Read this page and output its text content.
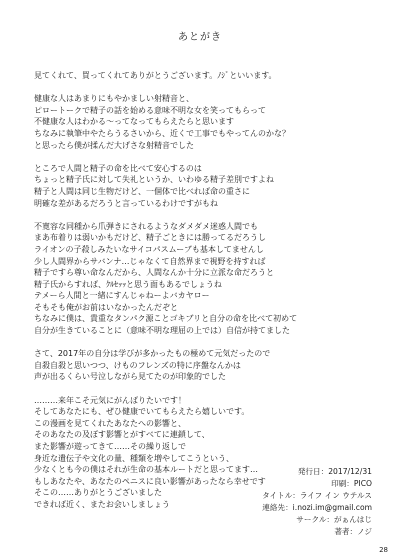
あとがき
見てくれて、買ってくれてありがとうございます。ﾉｼﾞといいます。
健康な人はあまりにもやかましい射精音と、
ピロートークで精子の話を始める意味不明な女を笑ってもらって
不健康な人はわかる〜ってなってもらえたらと思います
ちなみに執筆中やたらうるさいから、近くで工事でもやってんのかな？
と思ったら僕が揉んだ大げさな射精音でした
ところで人間と精子の命を比べて安心するのは
ちょっと精子氏に対して失礼というか、いわゆる精子差別ですよね
精子と人間は同じ生物だけど、一個体で比べれば命の重さに
明確な差があるだろうと言っているわけですがもね
不寛容な同種から爪弾きにされるようなダメダメ迷惑人間でも
まあ布着りは弱いかもだけど、精子ごときには勝ってるだろうし
ライオンの子殺しみたいなサイコパスムーブも基本してませんし
少し人間界からサバンナ…じゃなくて自然界まで視野を持すれば
精子ですら尊い命なんだから、人間なんか十分に立派な命だろうと
精子氏からすれば、ｸﾙｾｯｯと思う面もあるでしょうね
テメーら人間と一緒にすんじゃねーよバカヤロー
そもそも俺がお前はいなかったんだぞと
ちなみに僕は、貴重なタンパク源ことゴキブリと自分の命を比べて初めて
自分が生きていることに（意味不明な理屈の上では）自信が持てました
さて、2017年の自分は学びが多かったもの極めて元気だったので
自殺自殺と思いつつ、けものフレンズの特に序盤なんかは
声が出るくらい号泣しながら見てたのが印象的でした
………来年こそ元気にがんばりたいです！
そしてあなたにも、ぜひ健康でいてもらえたら嬉しいです。
この漫画を見てくれたあなたへの影響と、
そのあなたの及ぼす影響とがすべてに連鎖して、
また影響が遊ってきて……その繰り返しで
身近な遺伝子や文化の量、種類を増やしてこうという、
少なくとも今の僕はそれが生命の基本ルートだと思ってます…
もしあなたや、あなたのペニスに良い影響があったなら幸せです
そこの……ありがとうございました
できれば近く、またお会いしましょう
発行日：2017/12/31
印刷：PICO
タイトル：ライフ イン ウテルス
連絡先：i.nozi.im@gmail.com
サークル：がぁんはじ
著者：ノジ
28
